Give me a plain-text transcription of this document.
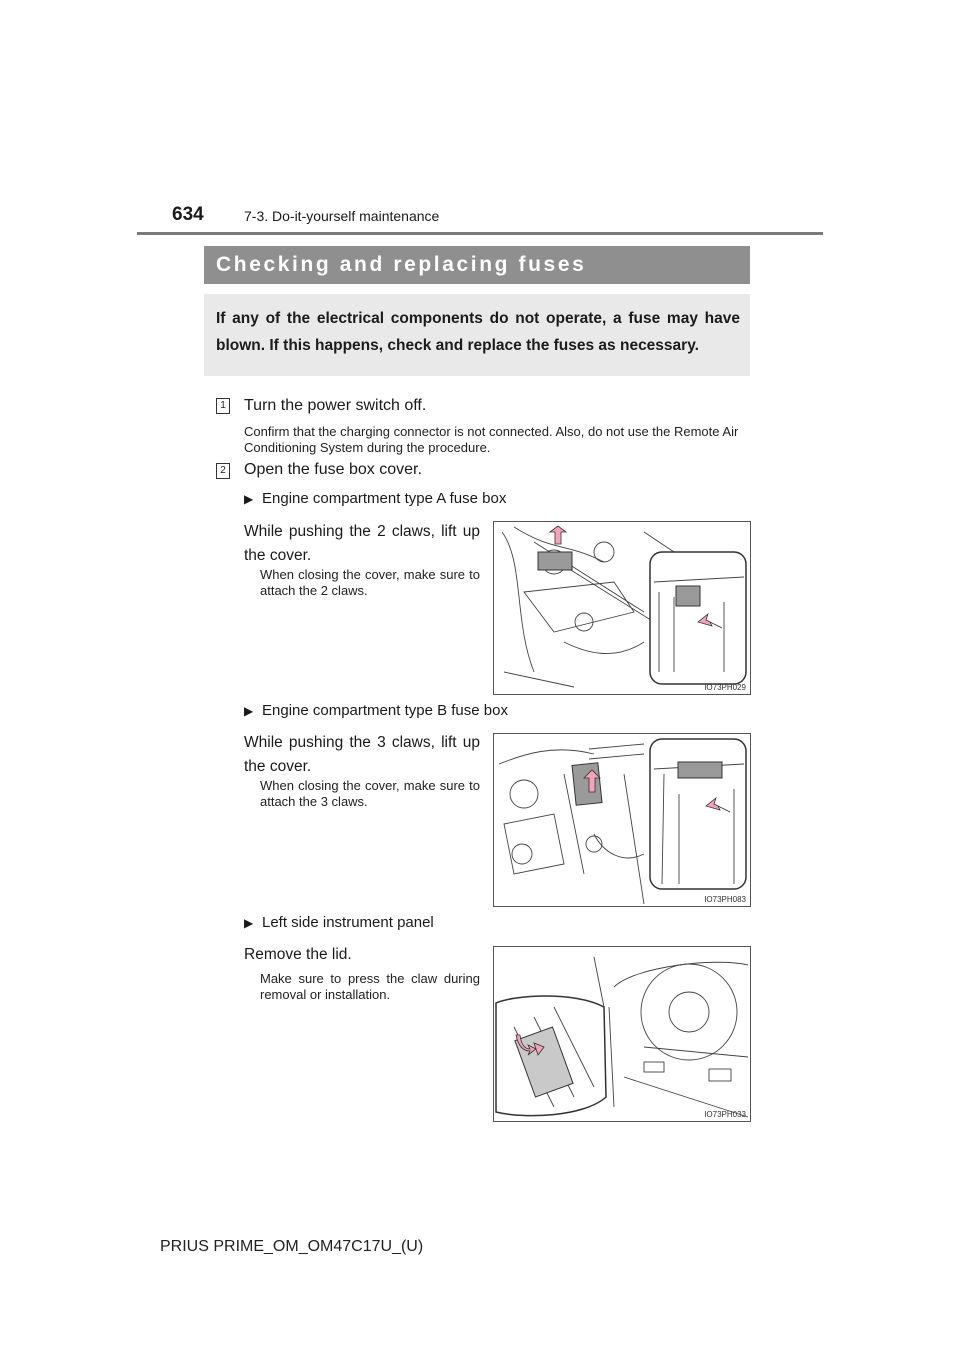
634	7-3. Do-it-yourself maintenance
Checking and replacing fuses
If any of the electrical components do not operate, a fuse may have blown. If this happens, check and replace the fuses as necessary.
1 Turn the power switch off.
Confirm that the charging connector is not connected. Also, do not use the Remote Air Conditioning System during the procedure.
2 Open the fuse box cover.
▶ Engine compartment type A fuse box
While pushing the 2 claws, lift up the cover.
When closing the cover, make sure to attach the 2 claws.
IO73PH029
▶ Engine compartment type B fuse box
While pushing the 3 claws, lift up the cover.
When closing the cover, make sure to attach the 3 claws.
IO73PH083
▶ Left side instrument panel
Remove the lid.
Make sure to press the claw during removal or installation.
IO73PH033
PRIUS PRIME_OM_OM47C17U_(U)
